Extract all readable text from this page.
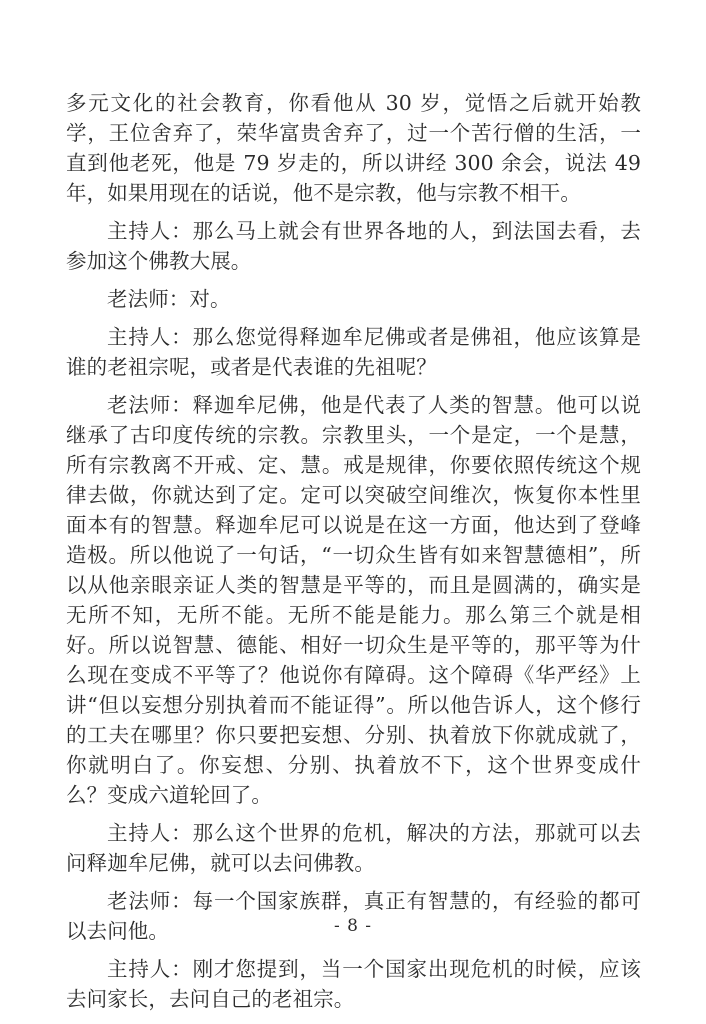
多元文化的社会教育，你看他从 30 岁，觉悟之后就开始教学，王位舍弃了，荣华富贵舍弃了，过一个苦行僧的生活，一直到他老死，他是 79 岁走的，所以讲经 300 余会，说法 49 年，如果用现在的话说，他不是宗教，他与宗教不相干。

主持人：那么马上就会有世界各地的人，到法国去看，去参加这个佛教大展。

老法师：对。

主持人：那么您觉得释迦牟尼佛或者是佛祖，他应该算是谁的老祖宗呢，或者是代表谁的先祖呢？

老法师：释迦牟尼佛，他是代表了人类的智慧。他可以说继承了古印度传统的宗教。宗教里头，一个是定，一个是慧，所有宗教离不开戒、定、慧。戒是规律，你要依照传统这个规律去做，你就达到了定。定可以突破空间维次，恢复你本性里面本有的智慧。释迦牟尼可以说是在这一方面，他达到了登峰造极。所以他说了一句话，“一切众生皆有如来智慧德相”，所以从他亲眼亲证人类的智慧是平等的，而且是圆满的，确实是无所不知，无所不能。无所不能是能力。那么第三个就是相好。所以说智慧、德能、相好一切众生是平等的，那平等为什么现在变成不平等了？他说你有障碍。这个障碍《华严经》上讲“但以妄想分别执着而不能证得”。所以他告诉人，这个修行的工夫在哪里？你只要把妄想、分别、执着放下你就成就了，你就明白了。你妄想、分别、执着放不下，这个世界变成什么？变成六道轮回了。

主持人：那么这个世界的危机，解决的方法，那就可以去问释迦牟尼佛，就可以去问佛教。

老法师：每一个国家族群，真正有智慧的，有经验的都可以去问他。

主持人：刚才您提到，当一个国家出现危机的时候，应该去问家长，去问自己的老祖宗。

- 8 -
